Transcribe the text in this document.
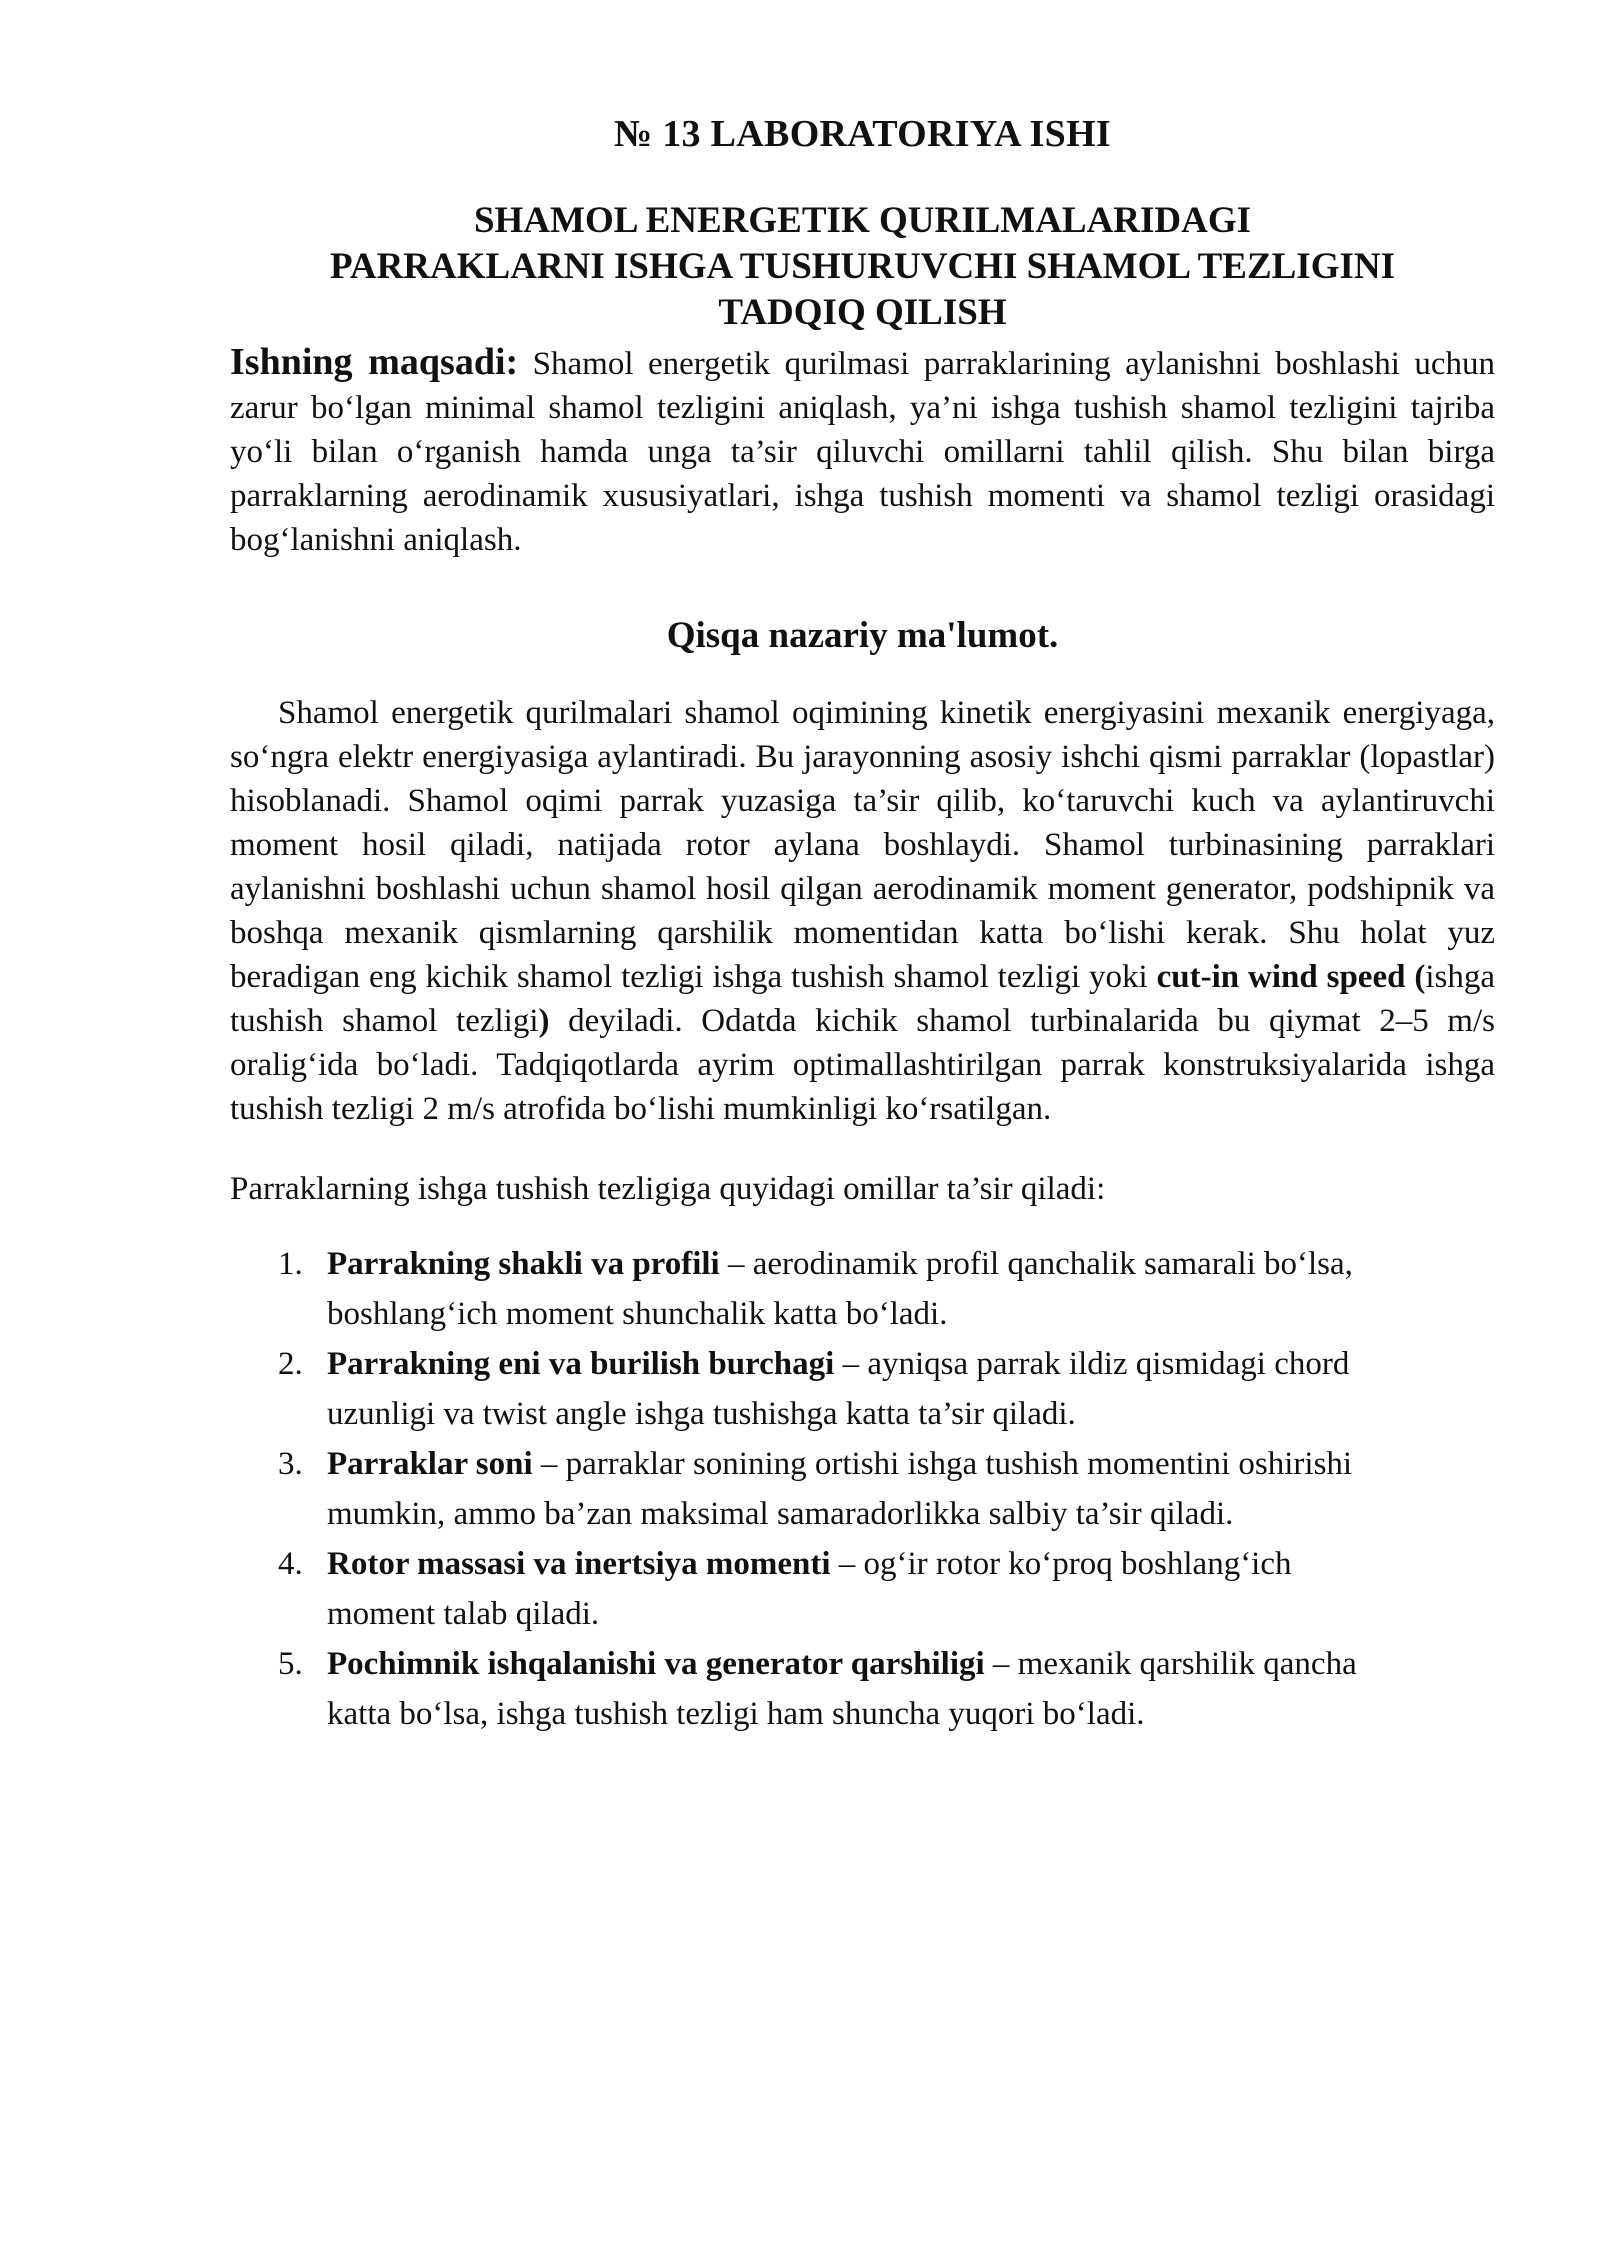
№ 13 LABORATORIYA ISHI
SHAMOL ENERGETIK QURILMALARIDAGI
PARRAKLARNI ISHGA TUSHURUVCHI SHAMOL TEZLIGINI
TADQIQ QILISH

Ishning maqsadi: Shamol energetik qurilmasi parraklarining aylanishni boshlashi uchun zarur bo‘lgan minimal shamol tezligini aniqlash, ya’ni ishga tushish shamol tezligini tajriba yo‘li bilan o‘rganish hamda unga ta’sir qiluvchi omillarni tahlil qilish. Shu bilan birga parraklarning aerodinamik xususiyatlari, ishga tushish momenti va shamol tezligi orasidagi bog‘lanishni aniqlash.

Qisqa nazariy ma'lumot.

Shamol energetik qurilmalari shamol oqimining kinetik energiyasini mexanik energiyaga, so‘ngra elektr energiyasiga aylantiradi. Bu jarayonning asosiy ishchi qismi parraklar (lopastlar) hisoblanadi. Shamol oqimi parrak yuzasiga ta’sir qilib, ko‘taruvchi kuch va aylantiruvchi moment hosil qiladi, natijada rotor aylana boshlaydi. Shamol turbinasining parraklari aylanishni boshlashi uchun shamol hosil qilgan aerodinamik moment generator, podshipnik va boshqa mexanik qismlarning qarshilik momentidan katta bo‘lishi kerak. Shu holat yuz beradigan eng kichik shamol tezligi ishga tushish shamol tezligi yoki cut-in wind speed (ishga tushish shamol tezligi) deyiladi. Odatda kichik shamol turbinalarida bu qiymat 2–5 m/s oralig‘ida bo‘ladi. Tadqiqotlarda ayrim optimallashtirilgan parrak konstruksiyalarida ishga tushish tezligi 2 m/s atrofida bo‘lishi mumkinligi ko‘rsatilgan.

Parraklarning ishga tushish tezligiga quyidagi omillar ta’sir qiladi:

1. Parrakning shakli va profili – aerodinamik profil qanchalik samarali bo‘lsa, boshlang‘ich moment shunchalik katta bo‘ladi.
2. Parrakning eni va burilish burchagi – ayniqsa parrak ildiz qismidagi chord uzunligi va twist angle ishga tushishga katta ta’sir qiladi.
3. Parraklar soni – parraklar sonining ortishi ishga tushish momentini oshirishi mumkin, ammo ba’zan maksimal samaradorlikka salbiy ta’sir qiladi.
4. Rotor massasi va inertsiya momenti – og‘ir rotor ko‘proq boshlang‘ich moment talab qiladi.
5. Pochimnik ishqalanishi va generator qarshiligi – mexanik qarshilik qancha katta bo‘lsa, ishga tushish tezligi ham shuncha yuqori bo‘ladi.
